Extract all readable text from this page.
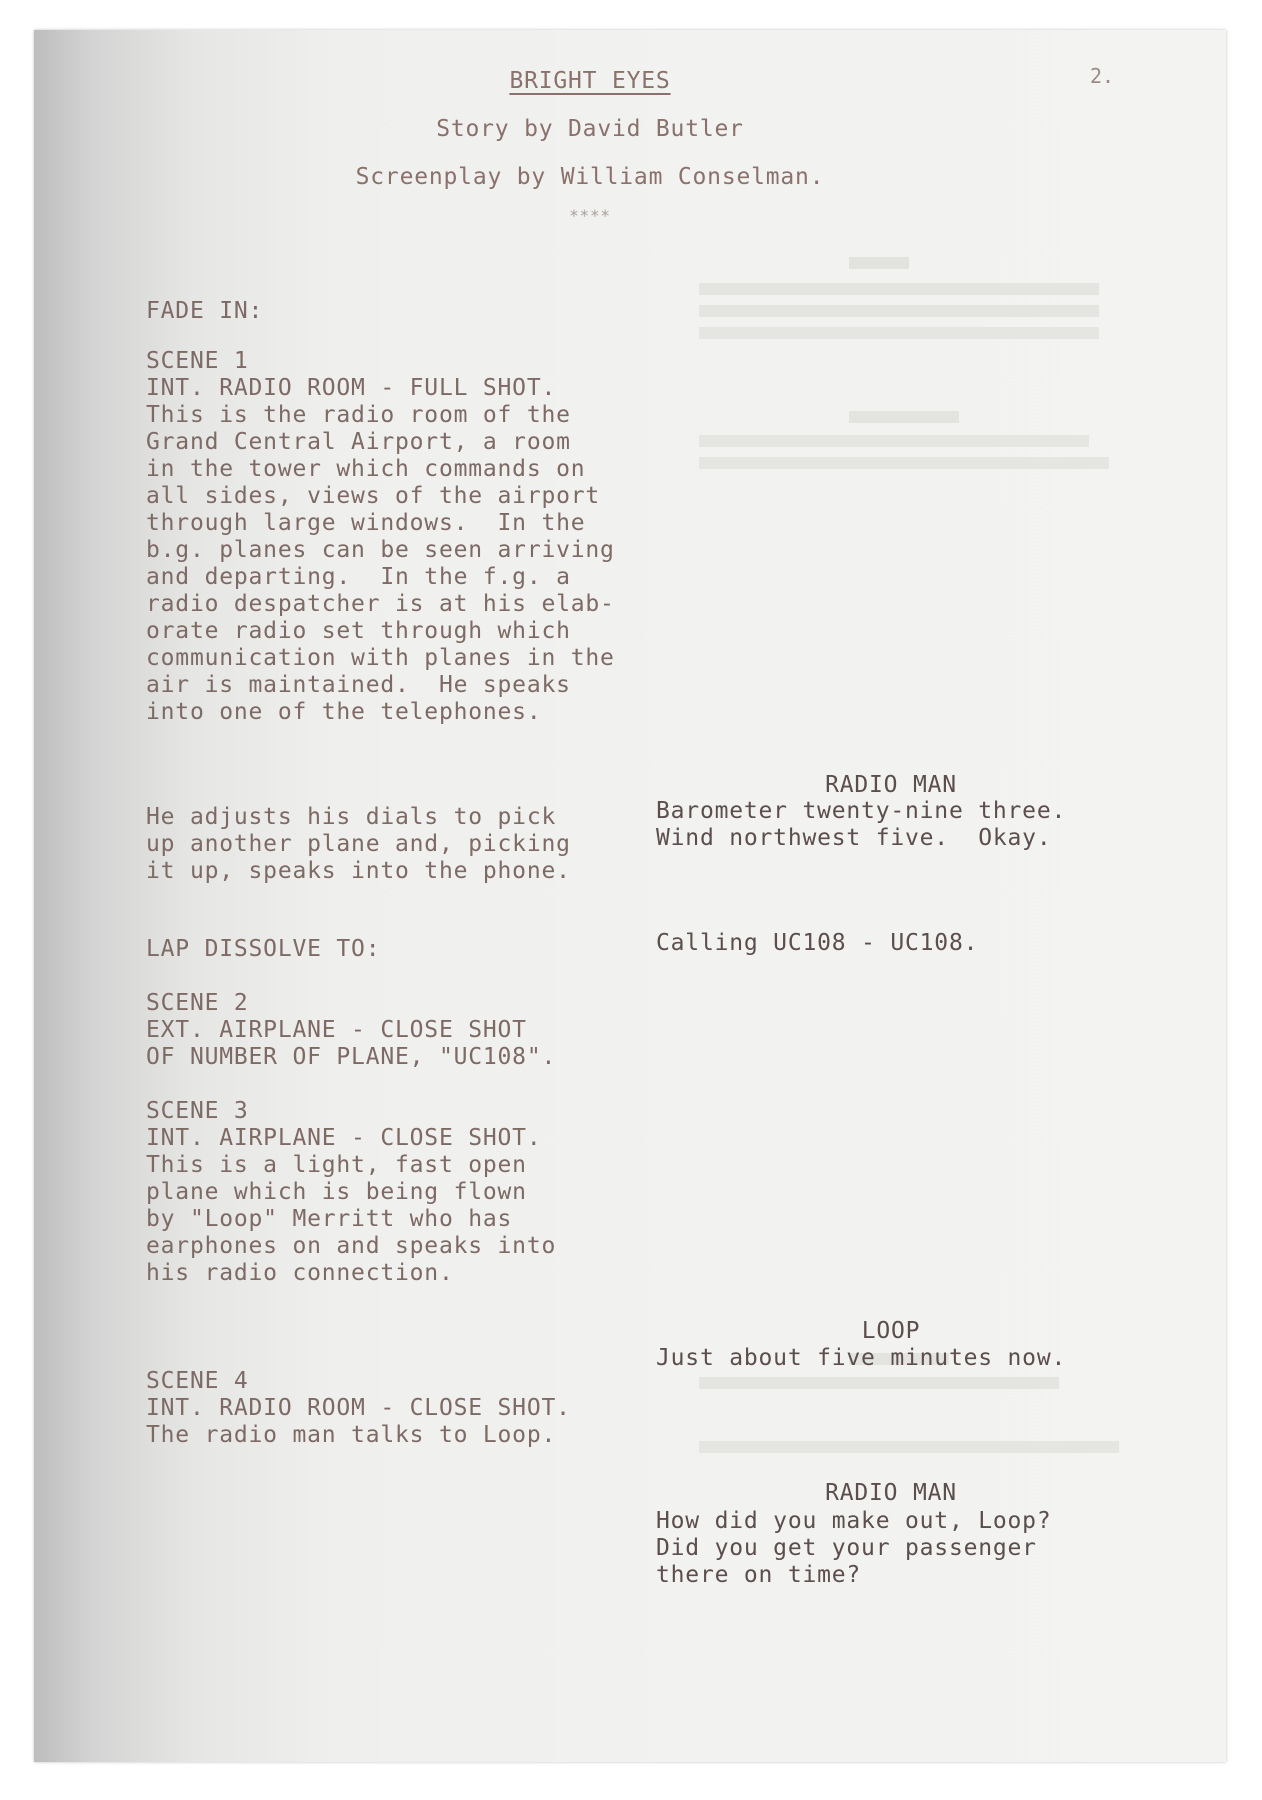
BRIGHT EYES	2.
Story by David Butler
Screenplay by William Conselman.
****
FADE IN:
SCENE 1
INT. RADIO ROOM - FULL SHOT.
This is the radio room of the
Grand Central Airport, a room
in the tower which commands on
all sides, views of the airport
through large windows.  In the
b.g. planes can be seen arriving
and departing.  In the f.g. a
radio despatcher is at his elab-
orate radio set through which
communication with planes in the
air is maintained.  He speaks
into one of the telephones.
He adjusts his dials to pick
up another plane and, picking
it up, speaks into the phone.
LAP DISSOLVE TO:
SCENE 2
EXT. AIRPLANE - CLOSE SHOT
OF NUMBER OF PLANE, "UC108".
SCENE 3
INT. AIRPLANE - CLOSE SHOT.
This is a light, fast open
plane which is being flown
by "Loop" Merritt who has
earphones on and speaks into
his radio connection.
SCENE 4
INT. RADIO ROOM - CLOSE SHOT.
The radio man talks to Loop.
RADIO MAN
Barometer twenty-nine three.
Wind northwest five.  Okay.
Calling UC108 - UC108.
LOOP
Just about five minutes now.
RADIO MAN
How did you make out, Loop?
Did you get your passenger
there on time?
